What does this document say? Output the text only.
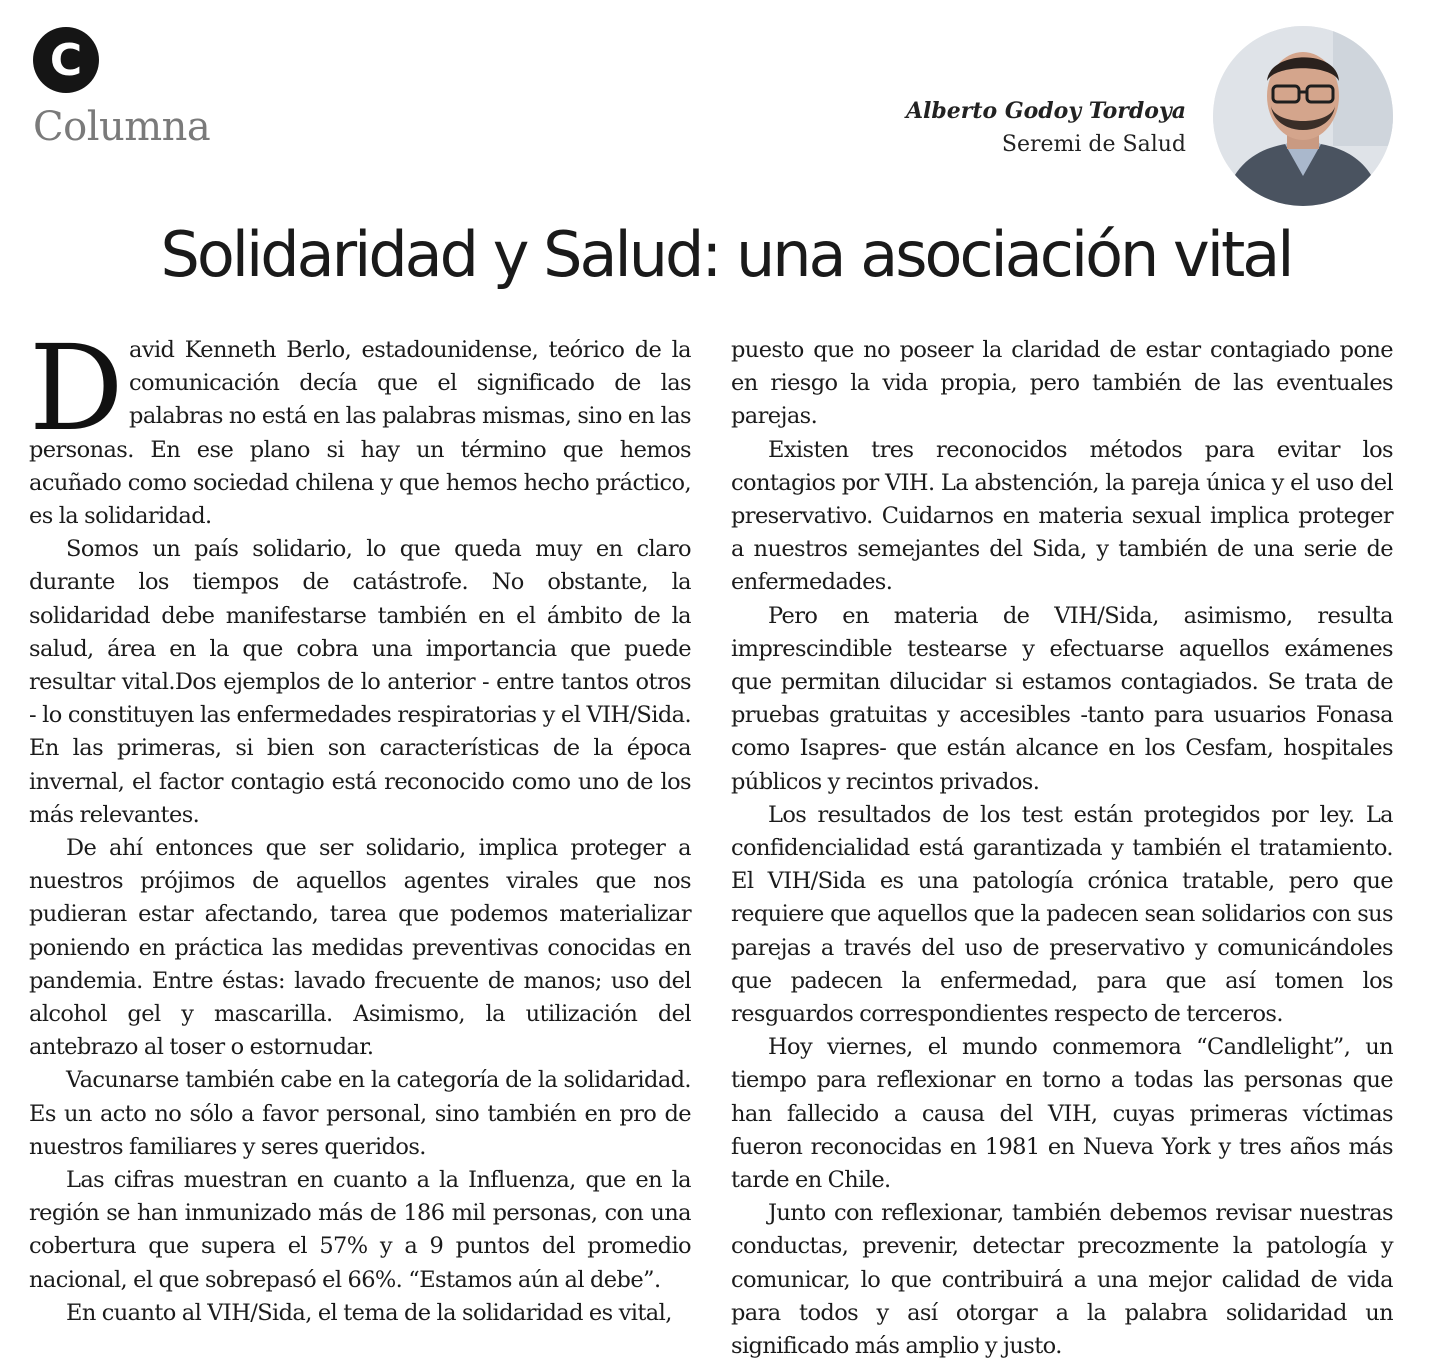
C
Columna	Alberto Godoy Tordoya
Seremi de Salud
Solidaridad y Salud: una asociación vital

David Kenneth Berlo, estadounidense, teórico de la comunicación decía que el significado de las palabras no está en las palabras mismas, sino en las personas. En ese plano si hay un término que hemos acuñado como sociedad chilena y que hemos hecho práctico, es la solidaridad.

Somos un país solidario, lo que queda muy en claro durante los tiempos de catástrofe. No obstante, la solidaridad debe manifestarse también en el ámbito de la salud, área en la que cobra una importancia que puede resultar vital.Dos ejemplos de lo anterior - entre tantos otros - lo constituyen las enfermedades respiratorias y el VIH/Sida. En las primeras, si bien son características de la época invernal, el factor contagio está reconocido como uno de los más relevantes.

De ahí entonces que ser solidario, implica proteger a nuestros prójimos de aquellos agentes virales que nos pudieran estar afectando, tarea que podemos materializar poniendo en práctica las medidas preventivas conocidas en pandemia. Entre éstas: lavado frecuente de manos; uso del alcohol gel y mascarilla. Asimismo, la utilización del antebrazo al toser o estornudar.

Vacunarse también cabe en la categoría de la solidaridad. Es un acto no sólo a favor personal, sino también en pro de nuestros familiares y seres queridos.

Las cifras muestran en cuanto a la Influenza, que en la región se han inmunizado más de 186 mil personas, con una cobertura que supera el 57% y a 9 puntos del promedio nacional, el que sobrepasó el 66%. “Estamos aún al debe”.

En cuanto al VIH/Sida, el tema de la solidaridad es vital,

puesto que no poseer la claridad de estar contagiado pone en riesgo la vida propia, pero también de las eventuales parejas.

Existen tres reconocidos métodos para evitar los contagios por VIH. La abstención, la pareja única y el uso del preservativo. Cuidarnos en materia sexual implica proteger a nuestros semejantes del Sida, y también de una serie de enfermedades.

Pero en materia de VIH/Sida, asimismo, resulta imprescindible testearse y efectuarse aquellos exámenes que permitan dilucidar si estamos contagiados. Se trata de pruebas gratuitas y accesibles -tanto para usuarios Fonasa como Isapres- que están alcance en los Cesfam, hospitales públicos y recintos privados.

Los resultados de los test están protegidos por ley. La confidencialidad está garantizada y también el tratamiento. El VIH/Sida es una patología crónica tratable, pero que requiere que aquellos que la padecen sean solidarios con sus parejas a través del uso de preservativo y comunicándoles que padecen la enfermedad, para que así tomen los resguardos correspondientes respecto de terceros.

Hoy viernes, el mundo conmemora “Candlelight”, un tiempo para reflexionar en torno a todas las personas que han fallecido a causa del VIH, cuyas primeras víctimas fueron reconocidas en 1981 en Nueva York y tres años más tarde en Chile.

Junto con reflexionar, también debemos revisar nuestras conductas, prevenir, detectar precozmente la patología y comunicar, lo que contribuirá a una mejor calidad de vida para todos y así otorgar a la palabra solidaridad un significado más amplio y justo.
